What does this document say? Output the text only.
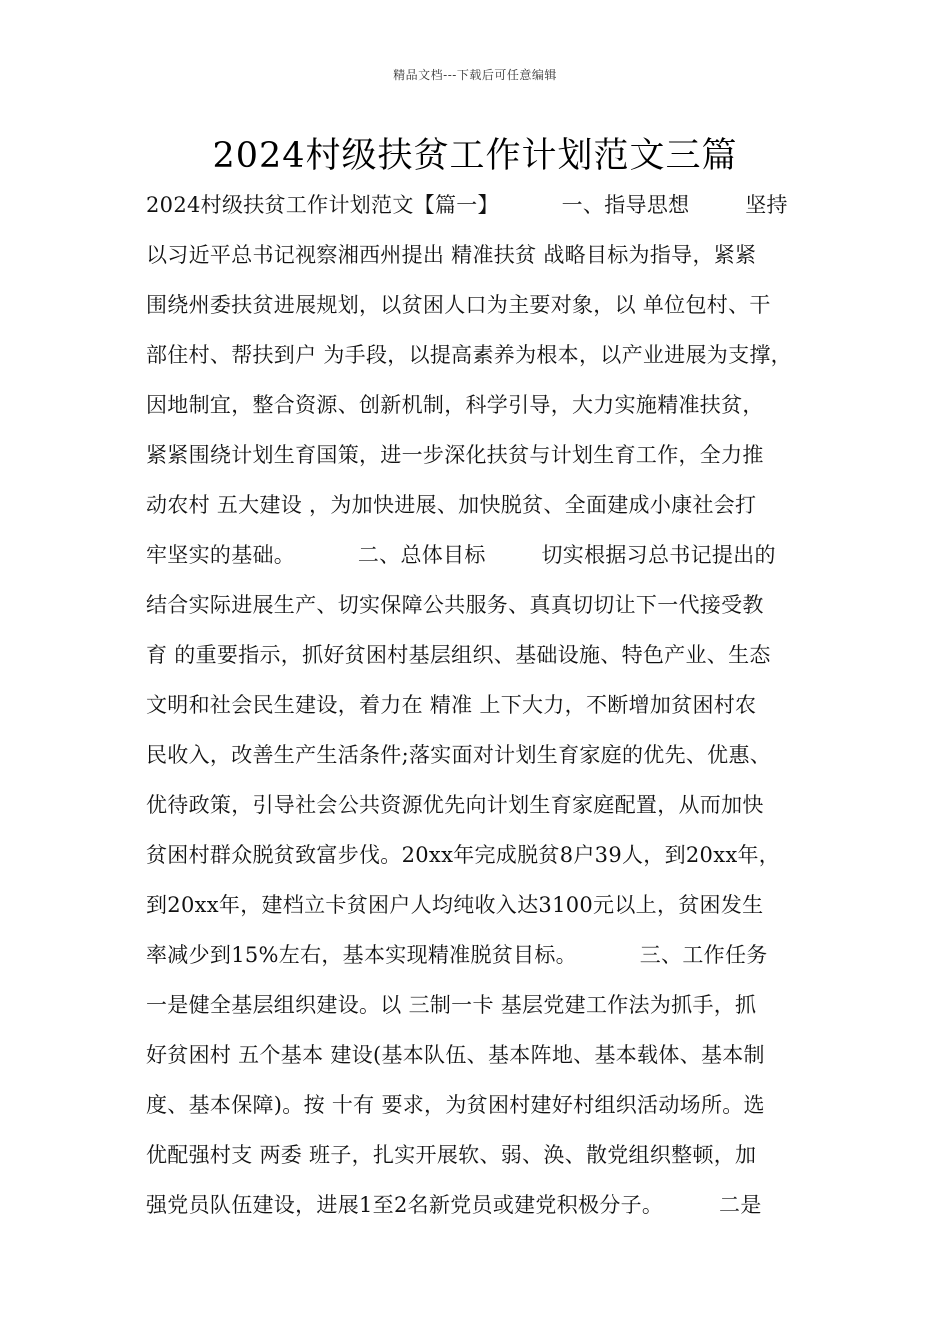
精品文档---下载后可任意编辑
2024村级扶贫工作计划范文三篇
2024村级扶贫工作计划范文【篇一】         一、指导思想        坚持
以习近平总书记视察湘西州提出 精准扶贫 战略目标为指导，紧紧
围绕州委扶贫进展规划，以贫困人口为主要对象，以 单位包村、干
部住村、帮扶到户 为手段，以提高素养为根本，以产业进展为支撑，
因地制宜，整合资源、创新机制，科学引导，大力实施精准扶贫，
紧紧围绕计划生育国策，进一步深化扶贫与计划生育工作，全力推
动农村 五大建设 ，为加快进展、加快脱贫、全面建成小康社会打
牢坚实的基础。         二、总体目标        切实根据习总书记提出的
结合实际进展生产、切实保障公共服务、真真切切让下一代接受教
育 的重要指示，抓好贫困村基层组织、基础设施、特色产业、生态
文明和社会民生建设，着力在 精准 上下大力，不断增加贫困村农
民收入，改善生产生活条件;落实面对计划生育家庭的优先、优惠、
优待政策，引导社会公共资源优先向计划生育家庭配置，从而加快
贫困村群众脱贫致富步伐。20xx年完成脱贫8户39人，到20xx年，
到20xx年，建档立卡贫困户人均纯收入达3100元以上，贫困发生
率减少到15%左右，基本实现精准脱贫目标。         三、工作任务
一是健全基层组织建设。以 三制一卡 基层党建工作法为抓手，抓
好贫困村 五个基本 建设(基本队伍、基本阵地、基本载体、基本制
度、基本保障)。按 十有 要求，为贫困村建好村组织活动场所。选
优配强村支 两委 班子，扎实开展软、弱、涣、散党组织整顿，加
强党员队伍建设，进展1至2名新党员或建党积极分子。        二是
